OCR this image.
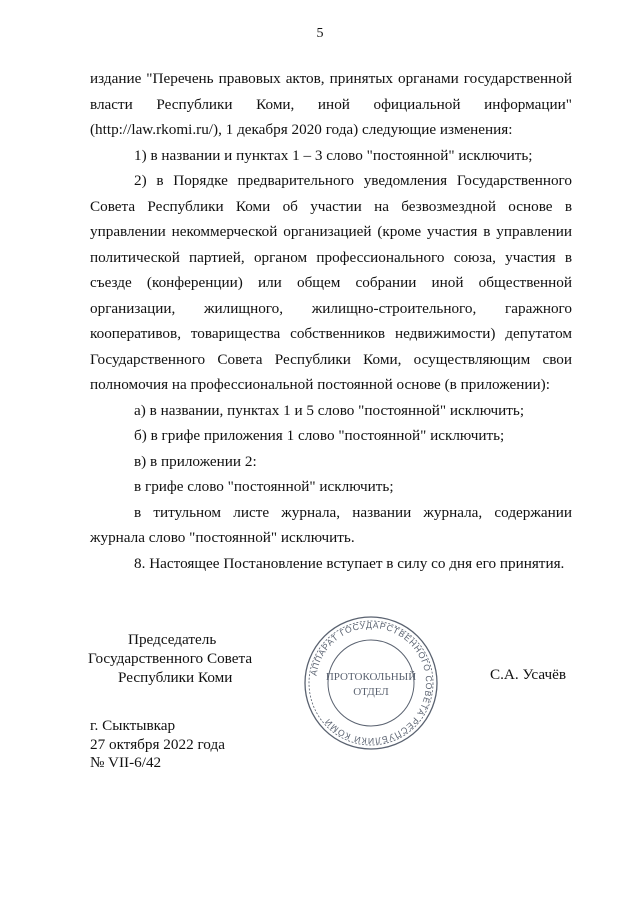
5

издание "Перечень правовых актов, принятых органами государственной власти Республики Коми, иной официальной информации" (http://law.rkomi.ru/), 1 декабря 2020 года) следующие изменения:

1) в названии и пунктах 1 – 3 слово "постоянной" исключить;

2) в Порядке предварительного уведомления Государственного Совета Республики Коми об участии на безвозмездной основе в управлении некоммерческой организацией (кроме участия в управлении политической партией, органом профессионального союза, участия в съезде (конференции) или общем собрании иной общественной организации, жилищного, жилищно-строительного, гаражного кооперативов, товарищества собственников недвижимости) депутатом Государственного Совета Республики Коми, осуществляющим свои полномочия на профессиональной постоянной основе (в приложении):

а) в названии, пунктах 1 и 5 слово "постоянной" исключить;

б) в грифе приложения 1 слово "постоянной" исключить;

в) в приложении 2:

в грифе слово "постоянной" исключить;

в титульном листе журнала, названии журнала, содержании журнала слово "постоянной" исключить.

8. Настоящее Постановление вступает в силу со дня его принятия.

Председатель
Государственного Совета
Республики Коми	АППАРАТ ГОСУДАРСТВЕННОГО СОВЕТА РЕСПУБЛИКИ КОМИ
ПРОТОКОЛЬНЫЙ
ОТДЕЛ
С.А. Усачёв
г. Сыктывкар
27 октября 2022 года
№ VII-6/42
